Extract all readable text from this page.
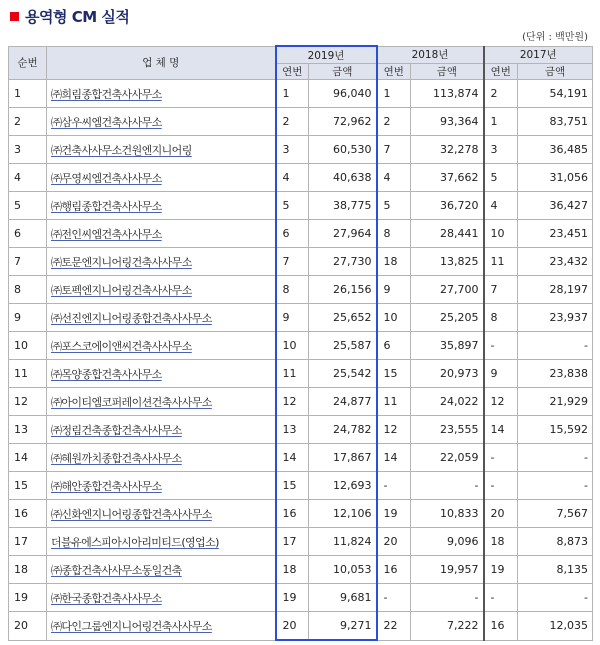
용역형 CM 실적
(단위 : 백만원)
순번	업 체 명	2019년		2018년		2017년	
		연번	금액	연번	금액	연번	금액
1	㈜희림종합건축사사무소	1	96,040	1	113,874	2	54,191
2	㈜삼우씨엠건축사사무소	2	72,962	2	93,364	1	83,751
3	㈜건축사사무소건원엔지니어링	3	60,530	7	32,278	3	36,485
4	㈜무영씨엠건축사사무소	4	40,638	4	37,662	5	31,056
5	㈜행림종합건축사사무소	5	38,775	5	36,720	4	36,427
6	㈜전인씨엠건축사사무소	6	27,964	8	28,441	10	23,451
7	㈜토문엔지니어링건축사사무소	7	27,730	18	13,825	11	23,432
8	㈜토펙엔지니어링건축사사무소	8	26,156	9	27,700	7	28,197
9	㈜선진엔지니어링종합건축사사무소	9	25,652	10	25,205	8	23,937
10	㈜포스코에이앤씨건축사사무소	10	25,587	6	35,897	-	-
11	㈜목양종합건축사사무소	11	25,542	15	20,973	9	23,838
12	㈜아이티엠코퍼레이션건축사사무소	12	24,877	11	24,022	12	21,929
13	㈜정림건축종합건축사사무소	13	24,782	12	23,555	14	15,592
14	㈜혜원까치종합건축사사무소	14	17,867	14	22,059	-	-
15	㈜해안종합건축사사무소	15	12,693	-	-	-	-
16	㈜신화엔지니어링종합건축사사무소	16	12,106	19	10,833	20	7,567
17	더블유에스피아시아리미티드(영업소)	17	11,824	20	9,096	18	8,873
18	㈜종합건축사사무소동일건축	18	10,053	16	19,957	19	8,135
19	㈜한국종합건축사사무소	19	9,681	-	-	-	-
20	㈜다인그룹엔지니어링건축사사무소	20	9,271	22	7,222	16	12,035
